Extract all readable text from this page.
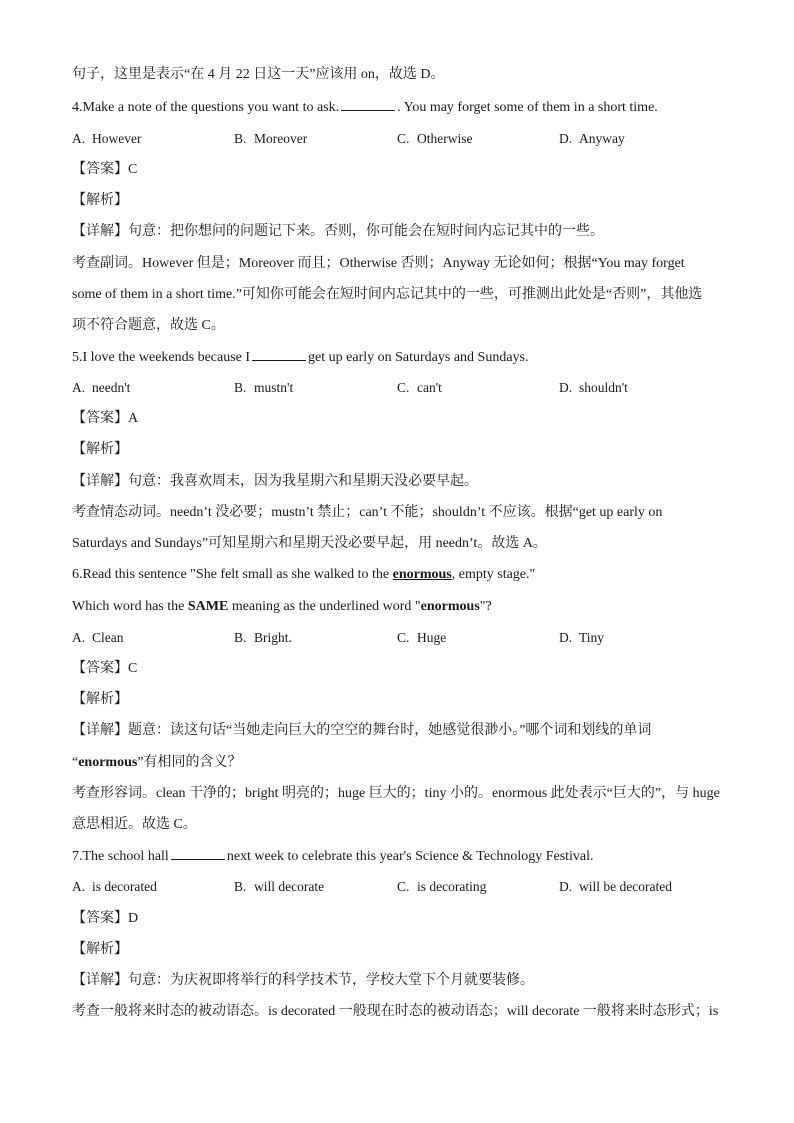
句子，这里是表示“在 4 月 22 日这一天”应该用 on，故选 D。
4.Make a note of the questions you want to ask.	. You may forget some of them in a short time.
A. However	B. Moreover	C. Otherwise	D. Anyway
【答案】C
【解析】
【详解】句意：把你想问的问题记下来。否则，你可能会在短时间内忘记其中的一些。
考查副词。However 但是；Moreover 而且；Otherwise 否则；Anyway 无论如何；根据“You may forget
some of them in a short time.”可知你可能会在短时间内忘记其中的一些，可推测出此处是“否则”，其他选
项不符合题意，故选 C。
5.I love the weekends because I	get up early on Saturdays and Sundays.
A. needn't	B. mustn't	C. can't	D. shouldn't
【答案】A
【解析】
【详解】句意：我喜欢周末，因为我星期六和星期天没必要早起。
考查情态动词。needn’t 没必要；mustn’t 禁止；can’t 不能；shouldn’t 不应该。根据“get up early on
Saturdays and Sundays”可知星期六和星期天没必要早起，用 needn’t。故选 A。
6.Read this sentence "She felt small as she walked to the enormous, empty stage."
Which word has the SAME meaning as the underlined word "enormous"?
A. Clean	B. Bright.	C. Huge	D. Tiny
【答案】C
【解析】
【详解】题意：读这句话“当她走向巨大的空空的舞台时，她感觉很渺小。”哪个词和划线的单词
“enormous”有相同的含义？
考查形容词。clean 干净的；bright 明亮的；huge 巨大的；tiny 小的。enormous 此处表示“巨大的”，与 huge
意思相近。故选 C。
7.The school hall	next week to celebrate this year's Science & Technology Festival.
A. is decorated	B. will decorate	C. is decorating	D. will be decorated
【答案】D
【解析】
【详解】句意：为庆祝即将举行的科学技术节，学校大堂下个月就要装修。
考查一般将来时态的被动语态。is decorated 一般现在时态的被动语态；will decorate 一般将来时态形式；is
